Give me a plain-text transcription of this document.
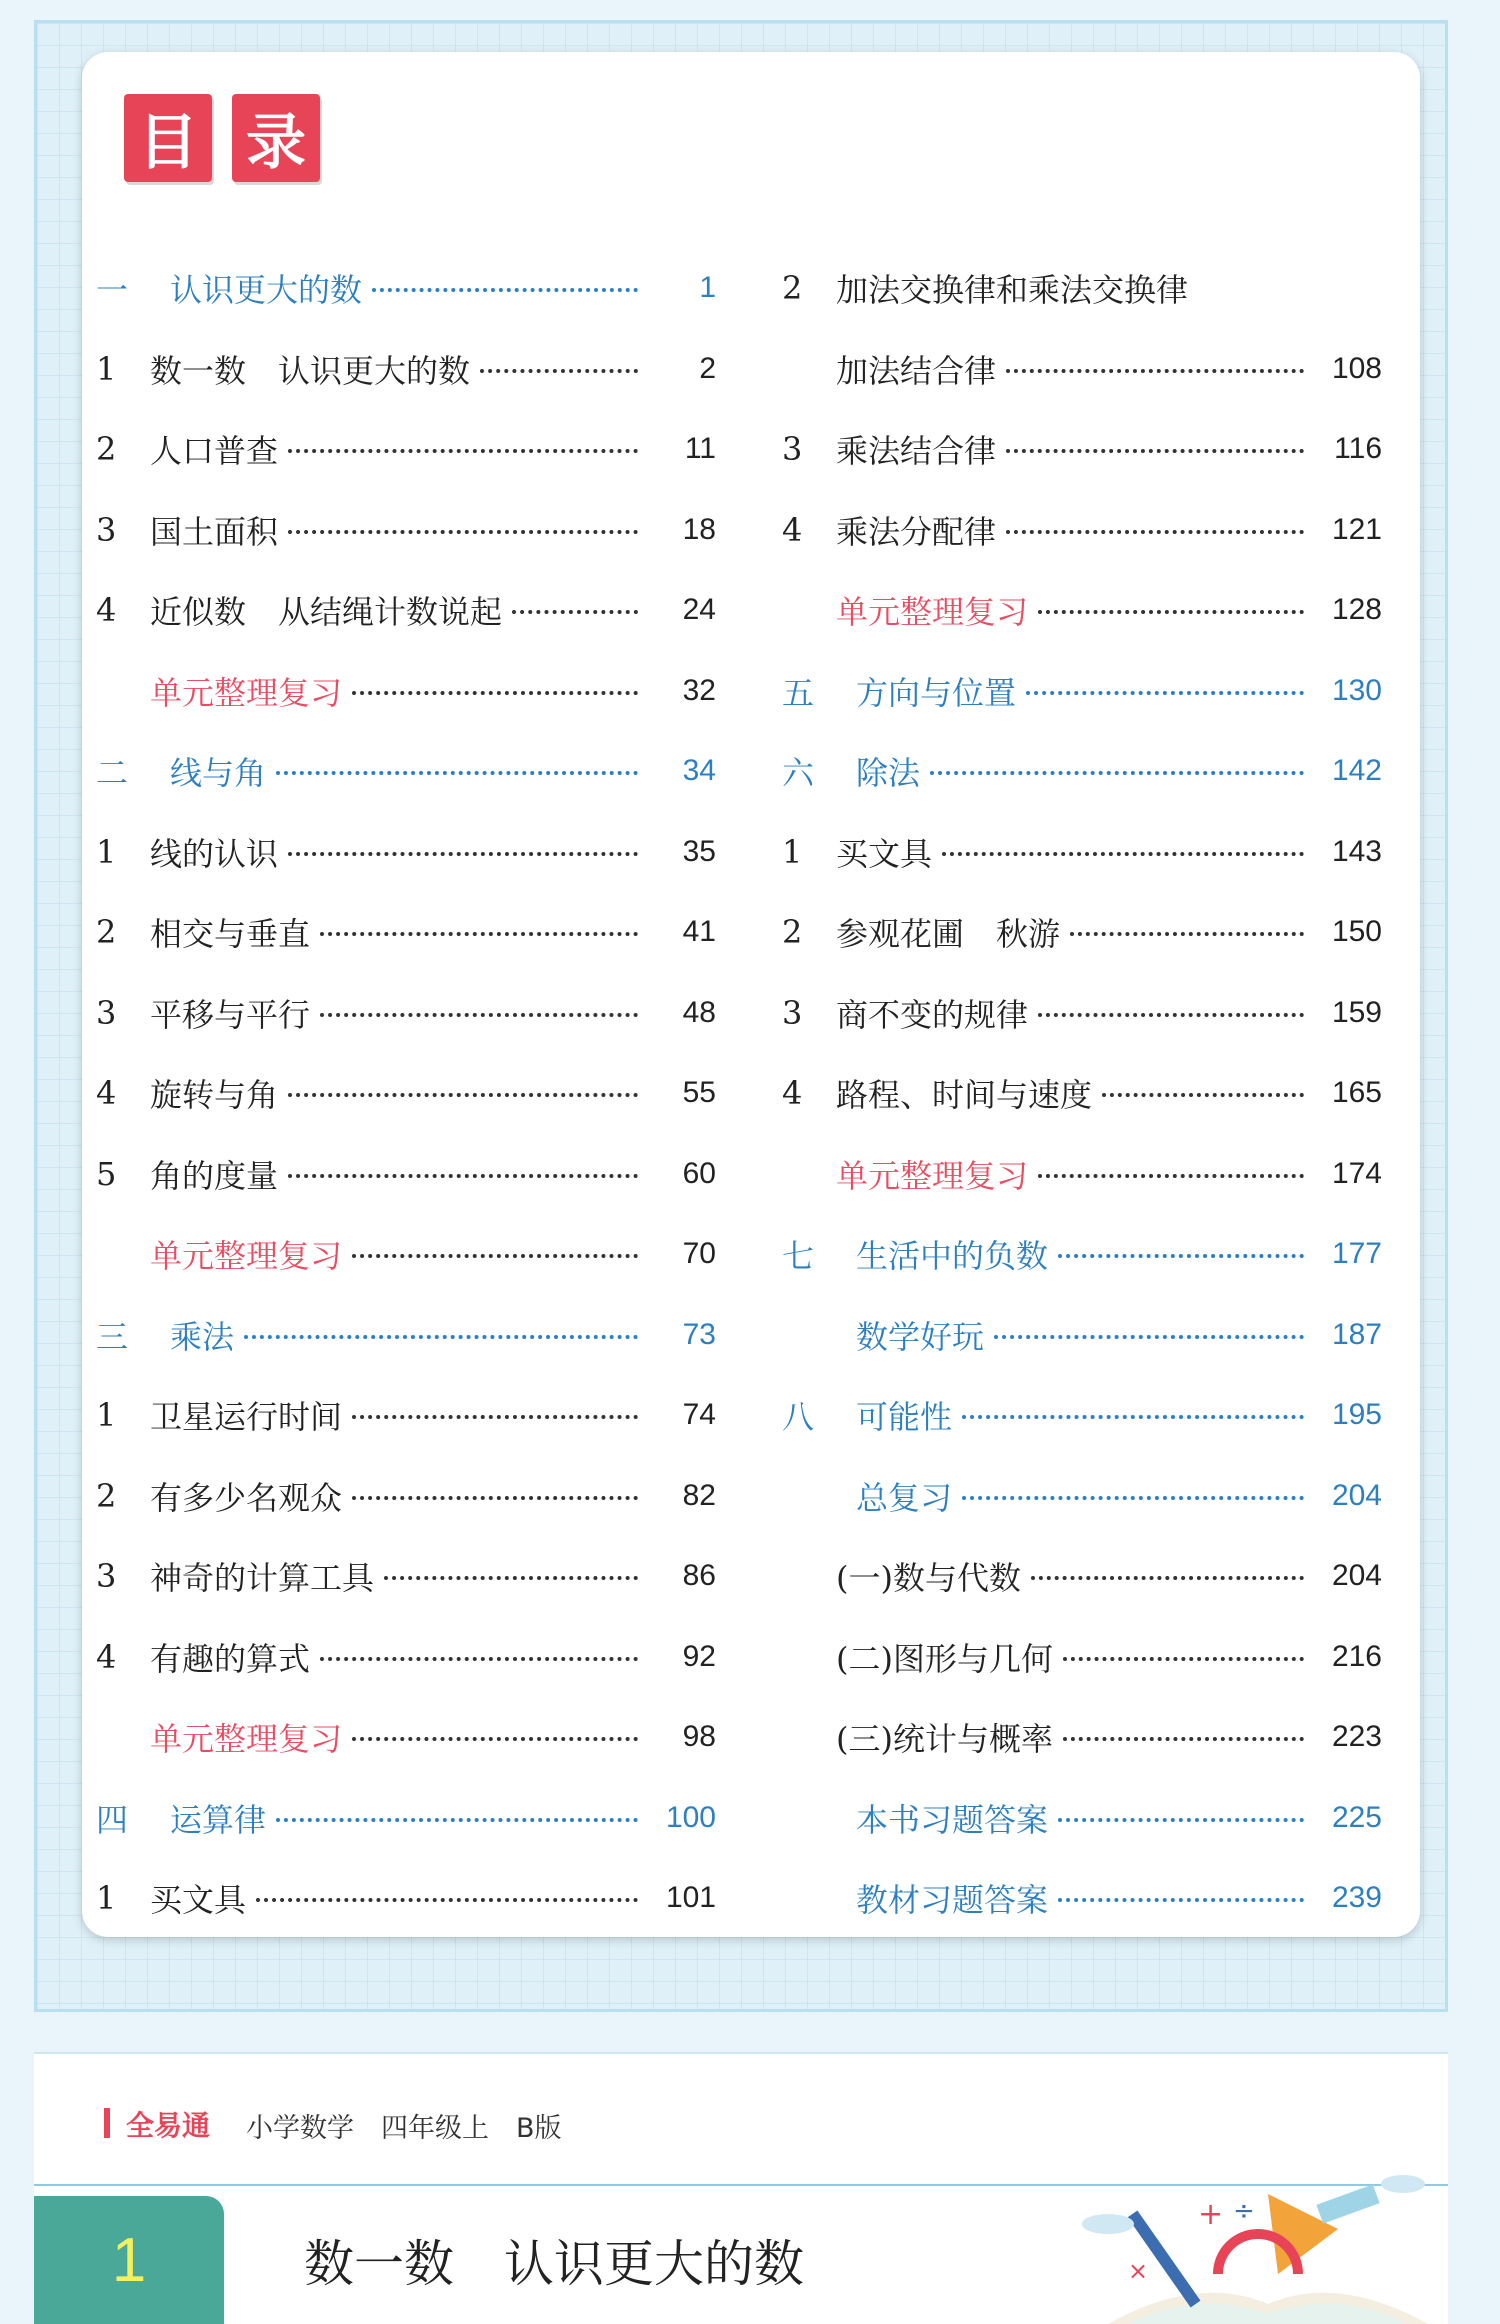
目 录
一	认识更大的数	1
1	数一数　认识更大的数	2
2	人口普查	11
3	国土面积	18
4	近似数　从结绳计数说起	24
单元整理复习	32
二	线与角	34
1	线的认识	35
2	相交与垂直	41
3	平移与平行	48
4	旋转与角	55
5	角的度量	60
单元整理复习	70
三	乘法	73
1	卫星运行时间	74
2	有多少名观众	82
3	神奇的计算工具	86
4	有趣的算式	92
单元整理复习	98
四	运算律	100
1	买文具	101
2	加法交换律和乘法交换律
加法结合律	108
3	乘法结合律	116
4	乘法分配律	121
单元整理复习	128
五	方向与位置	130
六	除法	142
1	买文具	143
2	参观花圃　秋游	150
3	商不变的规律	159
4	路程、时间与速度	165
单元整理复习	174
七	生活中的负数	177
数学好玩	187
八	可能性	195
总复习	204
(一)数与代数	204
(二)图形与几何	216
(三)统计与概率	223
本书习题答案	225
教材习题答案	239
全易通 小学数学　四年级上　B版
1	数一数　认识更大的数
+ ÷
×
